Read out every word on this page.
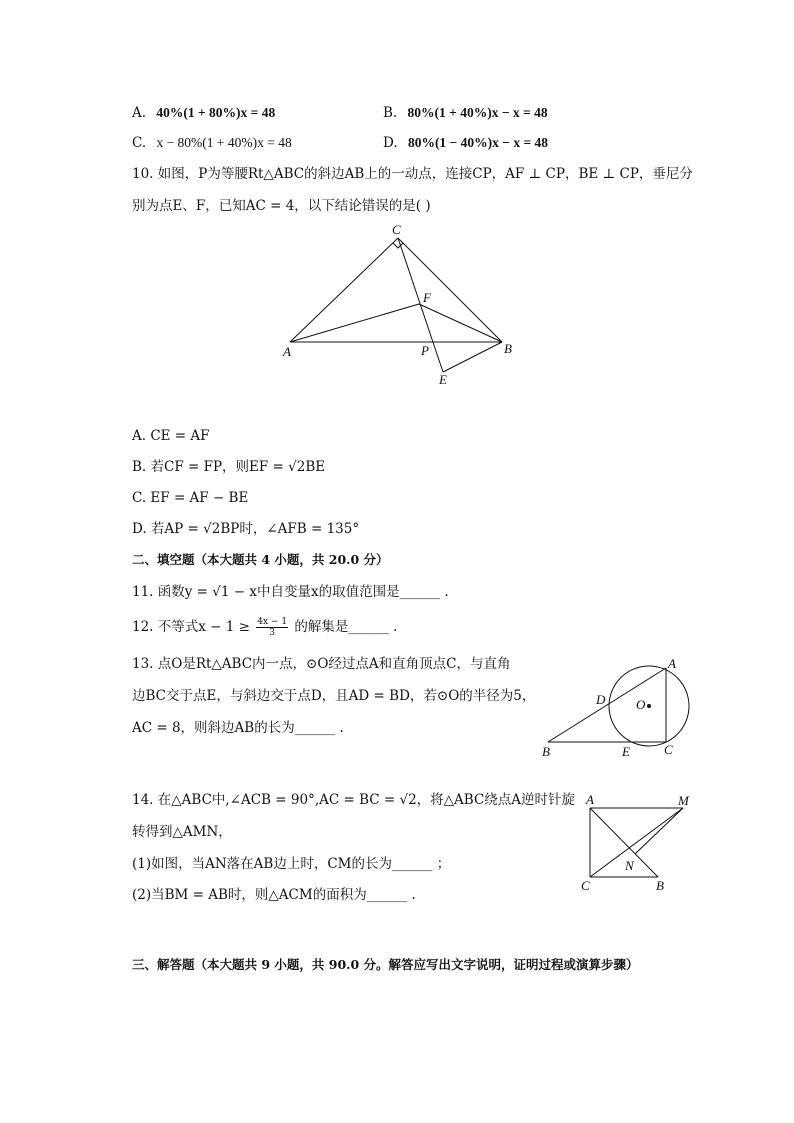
A. 40%(1 + 80%)x = 48	B. 80%(1 + 40%)x − x = 48
C. x − 80%(1 + 40%)x = 48	D. 80%(1 − 40%)x − x = 48
10. 如图，P为等腰Rt△ABC的斜边AB上的一动点，连接CP，AF ⊥ CP，BE ⊥ CP，垂尼分
别为点E、F，已知AC = 4，以下结论错误的是( )
C
F
A	P	B
E
A. CE = AF
B. 若CF = FP，则EF = √2BE
C. EF = AF − BE
D. 若AP = √2BP时，∠AFB = 135°
二、填空题（本大题共 4 小题，共 20.0 分）
11. 函数y = √1 − x中自变量x的取值范围是______ .
12. 不等式$x - 1 \ge \frac{4x - 1}{3}$ 的解集是______ .
13. 点O是Rt△ABC内一点，⊙O经过点A和直角顶点C，与直角
边BC交于点E，与斜边交于点D，且AD = BD，若⊙O的半径为5，
AC = 8，则斜边AB的长为______ .
A
D O
B	E	C
14. 在△ABC中,∠ACB = 90°,AC = BC = √2，将△ABC绕点A逆时针旋
转得到△AMN，
(1)如图，当AN落在AB边上时，CM的长为______ ；
(2)当BM = AB时，则△ACM的面积为______ .
A	M
N
C	B
三、解答题（本大题共 9 小题，共 90.0 分。解答应写出文字说明，证明过程或演算步骤）
